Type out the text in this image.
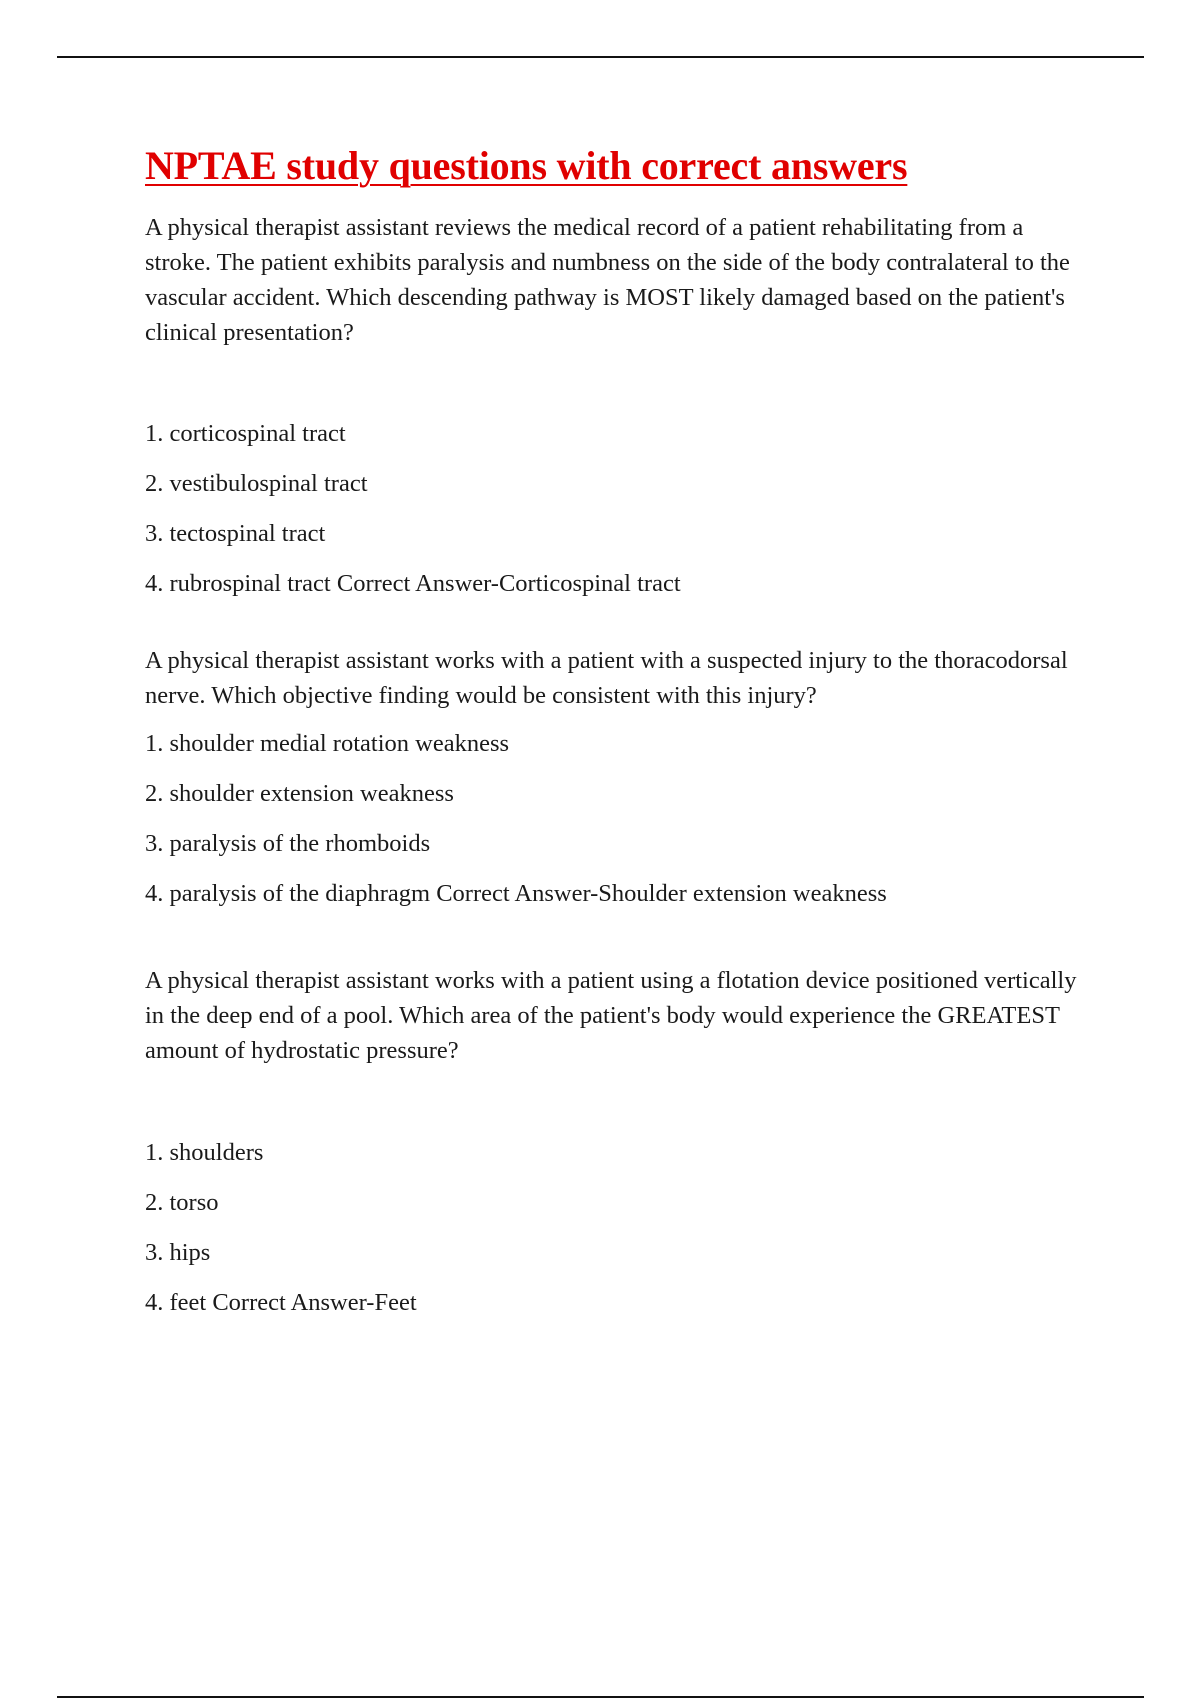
NPTAE study questions with correct answers

A physical therapist assistant reviews the medical record of a patient rehabilitating from a stroke. The patient exhibits paralysis and numbness on the side of the body contralateral to the vascular accident. Which descending pathway is MOST likely damaged based on the patient's clinical presentation?

1. corticospinal tract
2. vestibulospinal tract
3. tectospinal tract
4. rubrospinal tract Correct Answer-Corticospinal tract

A physical therapist assistant works with a patient with a suspected injury to the thoracodorsal nerve. Which objective finding would be consistent with this injury?

1. shoulder medial rotation weakness
2. shoulder extension weakness
3. paralysis of the rhomboids
4. paralysis of the diaphragm Correct Answer-Shoulder extension weakness

A physical therapist assistant works with a patient using a flotation device positioned vertically in the deep end of a pool. Which area of the patient's body would experience the GREATEST amount of hydrostatic pressure?

1. shoulders
2. torso
3. hips
4. feet Correct Answer-Feet
